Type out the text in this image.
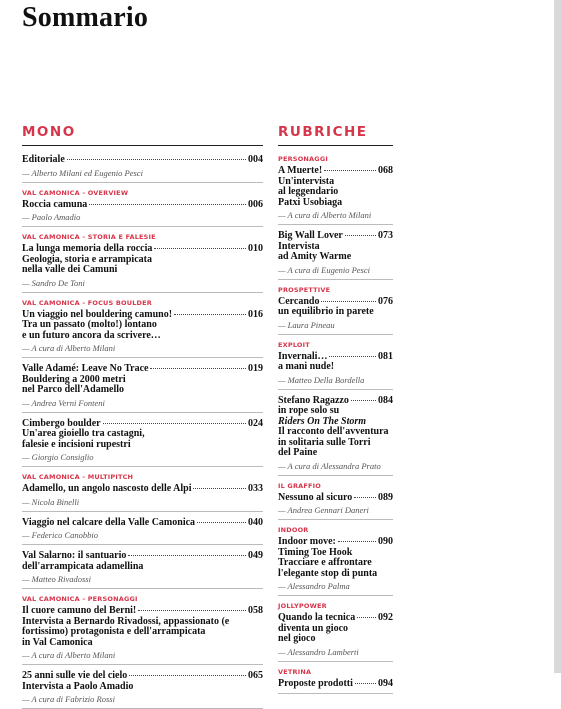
Sommario
MONO
Editoriale	004
— Alberto Milani ed Eugenio Pesci
VAL CAMONICA - OVERVIEW
Roccia camuna	006
— Paolo Amadio
VAL CAMONICA - STORIA E FALESIE
La lunga memoria della roccia	010
Geologia, storia e arrampicata
nella valle dei Camuni
— Sandro De Toni
VAL CAMONICA - FOCUS BOULDER
Un viaggio nel bouldering camuno!	016
Tra un passato (molto!) lontano
e un futuro ancora da scrivere…
— A cura di Alberto Milani
Valle Adamé: Leave No Trace	019
Bouldering a 2000 metri
nel Parco dell'Adamello
— Andrea Verni Fonteni
Cimbergo boulder	024
Un'area gioiello tra castagni,
falesie e incisioni rupestri
— Giorgio Consiglio
VAL CAMONICA - MULTIPITCH
Adamello, un angolo nascosto delle Alpi	033
— Nicola Binelli
Viaggio nel calcare della Valle Camonica	040
— Federico Canobbio
Val Salarno: il santuario	049
dell'arrampicata adamellina
— Matteo Rivadossi
VAL CAMONICA - PERSONAGGI
Il cuore camuno del Berni!	058
Intervista a Bernardo Rivadossi, appassionato (e
fortissimo) protagonista e dell'arrampicata
in Val Camonica
— A cura di Alberto Milani
25 anni sulle vie del cielo	065
Intervista a Paolo Amadio
— A cura di Fabrizio Rossi
RUBRICHE
PERSONAGGI
A Muerte!	068
Un'intervista
al leggendario
Patxi Usobiaga
— A cura di Alberto Milani
Big Wall Lover	073
Intervista
ad Amity Warme
— A cura di Eugenio Pesci
PROSPETTIVE
Cercando	076
un equilibrio in parete
— Laura Pineau
EXPLOIT
Invernali…	081
a mani nude!
— Matteo Della Bordella
Stefano Ragazzo	084
in rope solo su
Riders On The Storm
Il racconto dell'avventura
in solitaria sulle Torri
del Paine
— A cura di Alessandra Prato
IL GRAFFIO
Nessuno al sicuro	089
— Andrea Gennari Daneri
INDOOR
Indoor move:	090
Timing Toe Hook
Tracciare e affrontare
l'elegante stop di punta
— Alessandro Palma
JOLLYPOWER
Quando la tecnica 092
diventa un gioco
nel gioco
— Alessandro Lamberti
VETRINA
Proposte prodotti	094
